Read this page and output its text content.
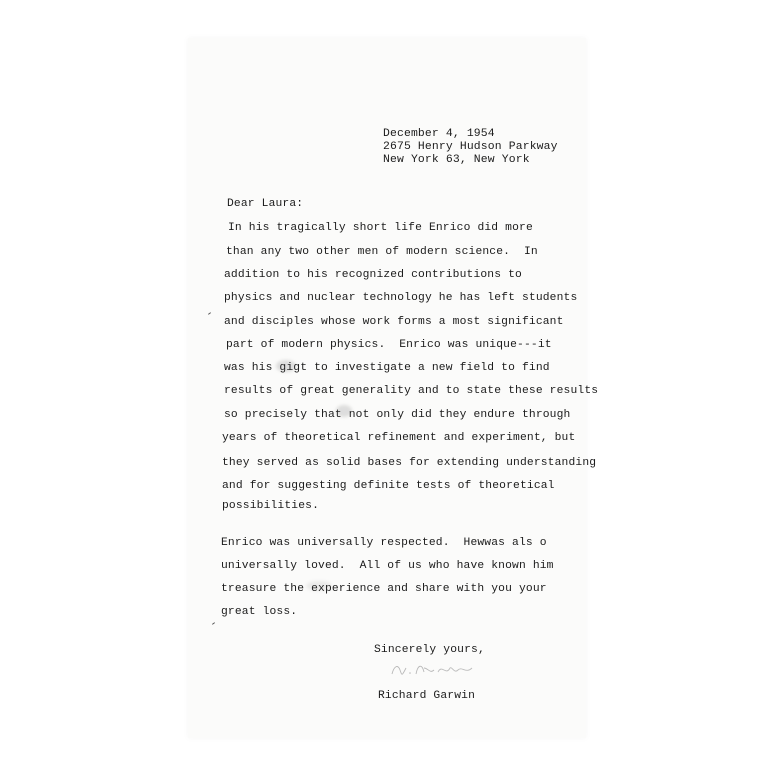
December 4, 1954
2675 Henry Hudson Parkway
New York 63, New York
Dear Laura:
In his tragically short life Enrico did more
than any two other men of modern science.  In
addition to his recognized contributions to
physics and nuclear technology he has left students
and disciples whose work forms a most significant
part of modern physics.  Enrico was unique---it
was his gigt to investigate a new field to find
results of great generality and to state these results
so precisely that not only did they endure through
years of theoretical refinement and experiment, but
they served as solid bases for extending understanding
and for suggesting definite tests of theoretical
possibilities.
Enrico was universally respected.  Hewwas als o
universally loved.  All of us who have known him
treasure the experience and share with you your
great loss.
Sincerely yours,
Richard Garwin
